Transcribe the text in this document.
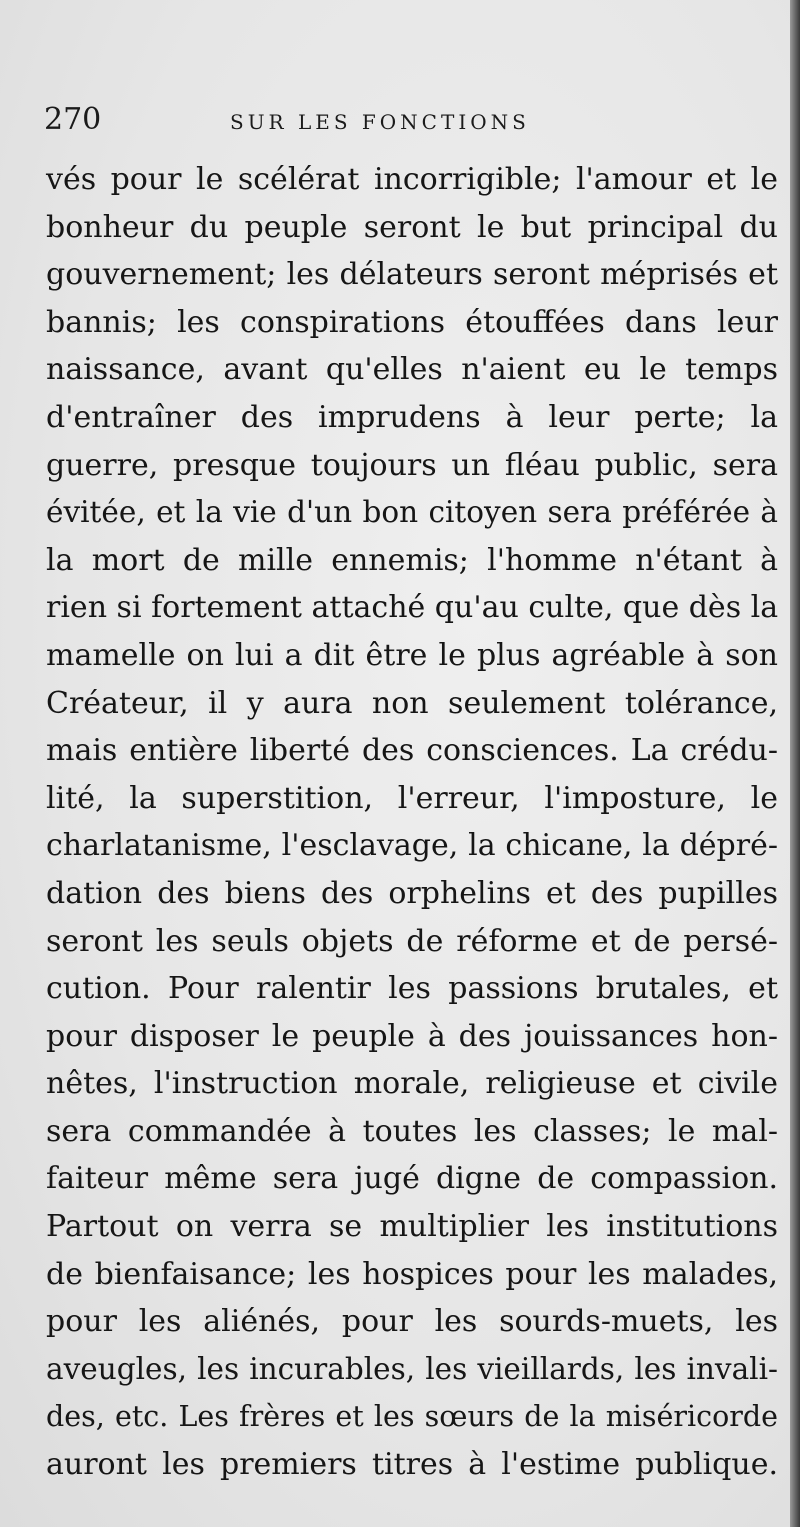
270	SUR LES FONCTIONS
vés pour le scélérat incorrigible; l'amour et le
bonheur du peuple seront le but principal du
gouvernement; les délateurs seront méprisés et
bannis; les conspirations étouffées dans leur
naissance, avant qu'elles n'aient eu le temps
d'entraîner des imprudens à leur perte; la
guerre, presque toujours un fléau public, sera
évitée, et la vie d'un bon citoyen sera préférée à
la mort de mille ennemis; l'homme n'étant à
rien si fortement attaché qu'au culte, que dès la
mamelle on lui a dit être le plus agréable à son
Créateur, il y aura non seulement tolérance,
mais entière liberté des consciences. La crédu-
lité, la superstition, l'erreur, l'imposture, le
charlatanisme, l'esclavage, la chicane, la dépré-
dation des biens des orphelins et des pupilles
seront les seuls objets de réforme et de persé-
cution. Pour ralentir les passions brutales, et
pour disposer le peuple à des jouissances hon-
nêtes, l'instruction morale, religieuse et civile
sera commandée à toutes les classes; le mal-
faiteur même sera jugé digne de compassion.
Partout on verra se multiplier les institutions
de bienfaisance; les hospices pour les malades,
pour les aliénés, pour les sourds-muets, les
aveugles, les incurables, les vieillards, les invali-
des, etc. Les frères et les sœurs de la miséricorde
auront les premiers titres à l'estime publique.
